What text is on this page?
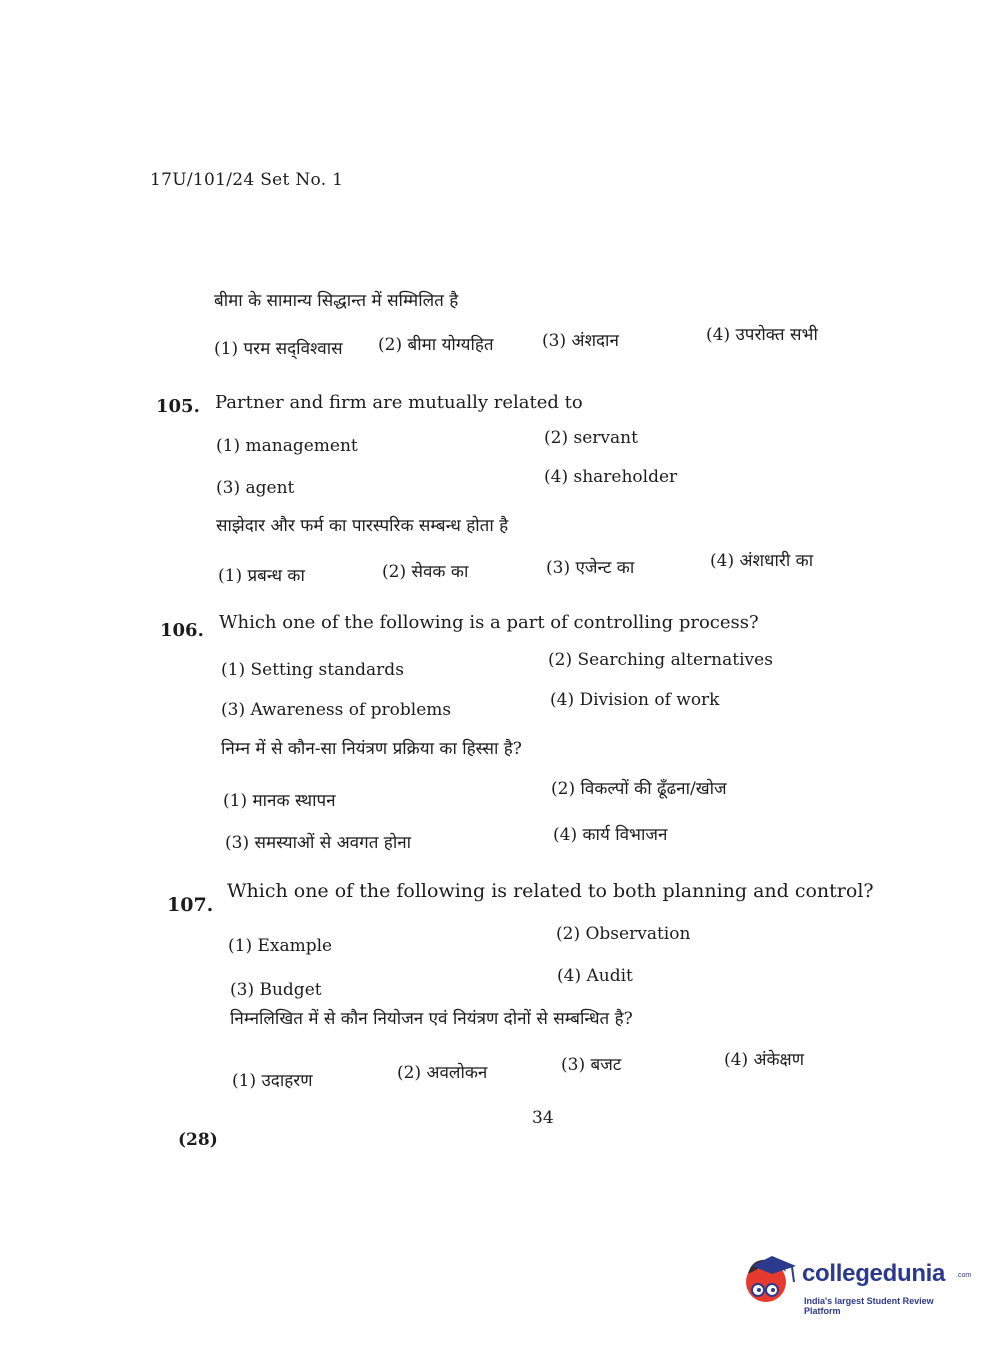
17U/101/24 Set No. 1
बीमा के सामान्य सिद्धान्त में सम्मिलित है
(1) परम सद्‌विश्वास (2) बीमा योग्यहित	(3) अंशदान	(4) उपरोक्त सभी
105. Partner and firm are mutually related to
(1) management	(2) servant
(3) agent
(4) shareholder
साझेदार और फर्म का पारस्परिक सम्बन्ध होता है
(1) प्रबन्ध का	(2) सेवक का	(3) एजेन्ट का	(4) अंशधारी का
106. Which one of the following is a part of controlling process?
(1) Setting standards	(2) Searching alternatives
(3) Awareness of problems	(4) Division of work
निम्न में से कौन-सा नियंत्रण प्रक्रिया का हिस्सा है?
(1) मानक स्थापन
(2) विकल्पों की ढूँढना/खोज
(3) समस्याओं से अवगत होना	(4) कार्य विभाजन
107.
Which one of the following is related to both planning and control?
(1) Example
(2) Observation
(3) Budget
(4) Audit
निम्नलिखित में से कौन नियोजन एवं नियंत्रण दोनों से सम्बन्धित है?
(1) उदाहरण	(2) अवलोकन	(3) बजट	(4) अंकेक्षण
34
(28)
collegedunia .com
India's largest Student Review Platform
